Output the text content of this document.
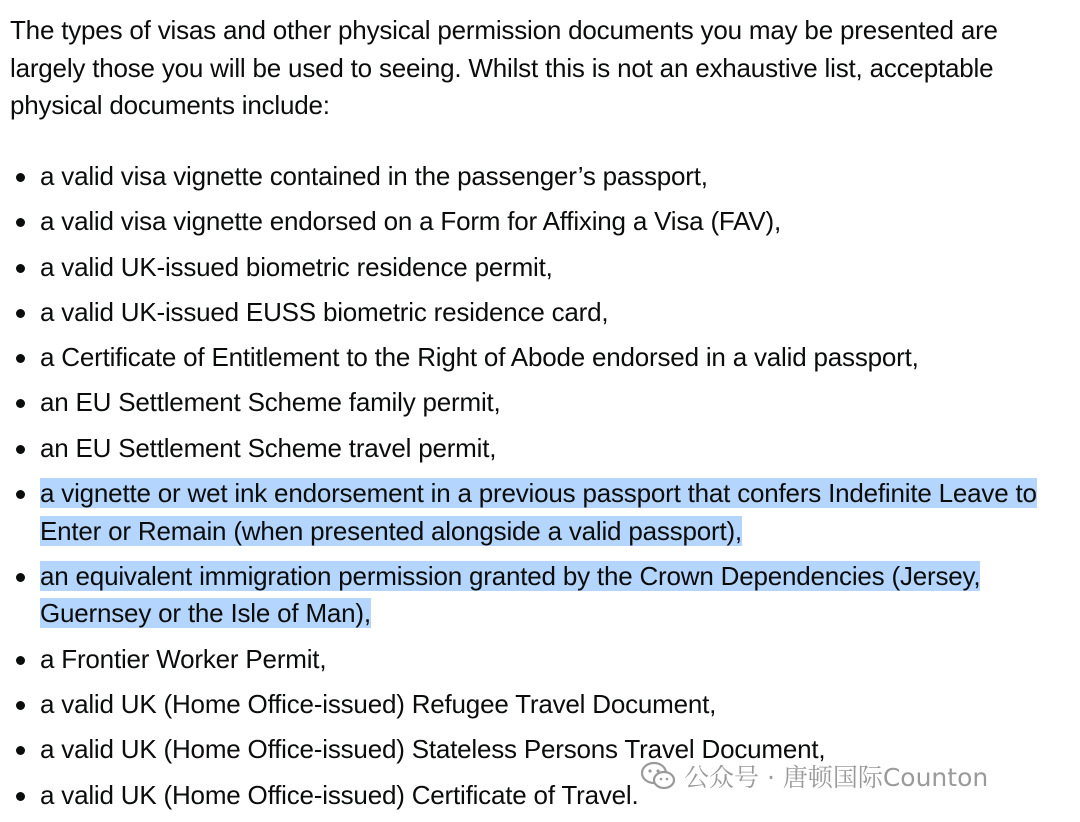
The types of visas and other physical permission documents you may be presented are largely those you will be used to seeing. Whilst this is not an exhaustive list, acceptable physical documents include:

a valid visa vignette contained in the passenger’s passport,
a valid visa vignette endorsed on a Form for Affixing a Visa (FAV),
a valid UK-issued biometric residence permit,
a valid UK-issued EUSS biometric residence card,
a Certificate of Entitlement to the Right of Abode endorsed in a valid passport,
an EU Settlement Scheme family permit,
an EU Settlement Scheme travel permit,
a vignette or wet ink endorsement in a previous passport that confers Indefinite Leave to Enter or Remain (when presented alongside a valid passport),
an equivalent immigration permission granted by the Crown Dependencies (Jersey, Guernsey or the Isle of Man),
a Frontier Worker Permit,
a valid UK (Home Office-issued) Refugee Travel Document,
a valid UK (Home Office-issued) Stateless Persons Travel Document,
a valid UK (Home Office-issued) Certificate of Travel.
公众号 · 唐顿国际Counton
